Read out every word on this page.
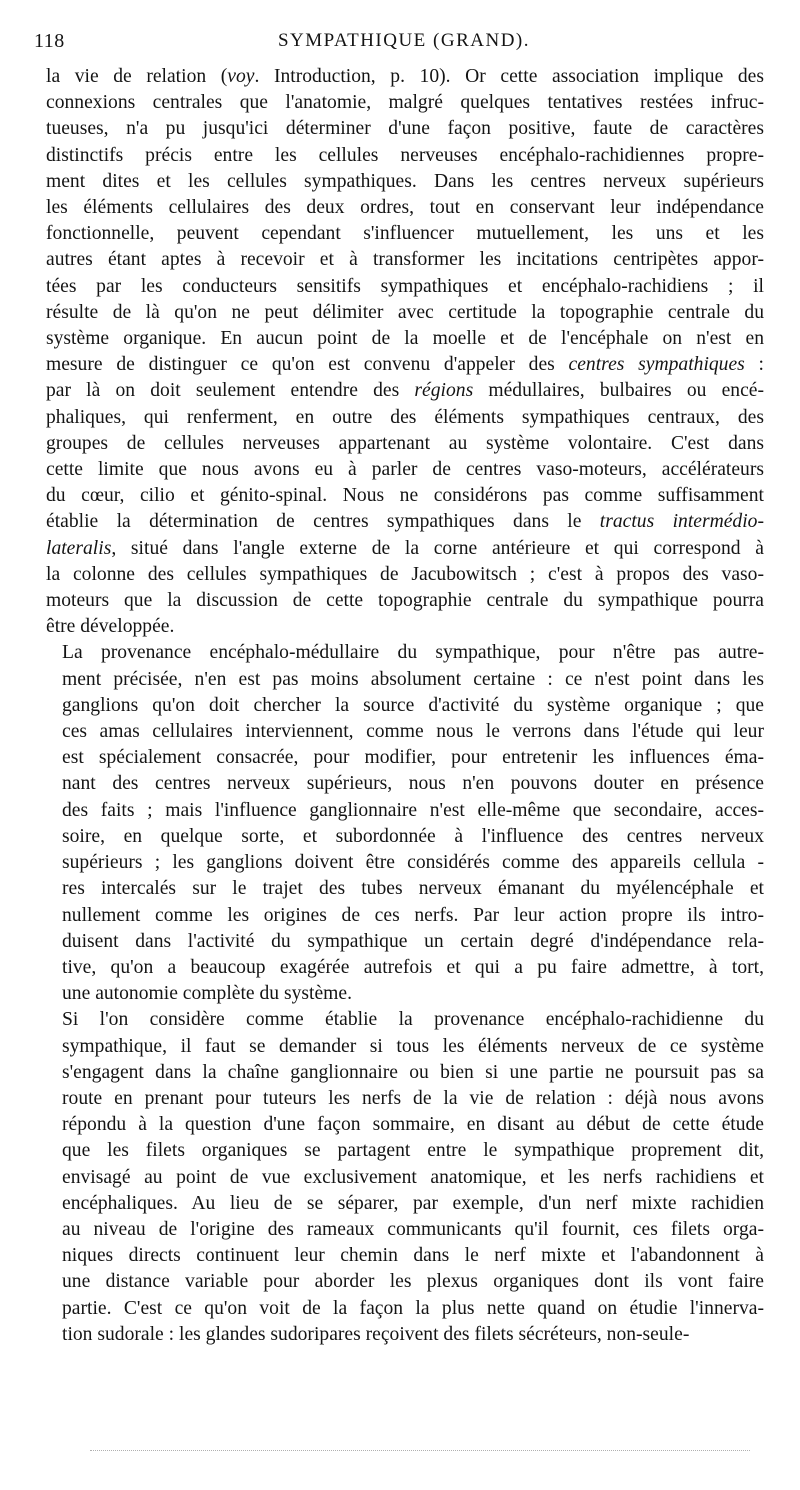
118	SYMPATHIQUE (GRAND).

la vie de relation (voy. Introduction, p. 10). Or cette association implique des
connexions centrales que l'anatomie, malgré quelques tentatives restées infruc-
tueuses, n'a pu jusqu'ici déterminer d'une façon positive, faute de caractères
distinctifs précis entre les cellules nerveuses encéphalo-rachidiennes propre-
ment dites et les cellules sympathiques. Dans les centres nerveux supérieurs
les éléments cellulaires des deux ordres, tout en conservant leur indépendance
fonctionnelle, peuvent cependant s'influencer mutuellement, les uns et les
autres étant aptes à recevoir et à transformer les incitations centripètes appor-
tées par les conducteurs sensitifs sympathiques et encéphalo-rachidiens ; il
résulte de là qu'on ne peut délimiter avec certitude la topographie centrale du
système organique. En aucun point de la moelle et de l'encéphale on n'est en
mesure de distinguer ce qu'on est convenu d'appeler des centres sympathiques :
par là on doit seulement entendre des régions médullaires, bulbaires ou encé-
phaliques, qui renferment, en outre des éléments sympathiques centraux, des
groupes de cellules nerveuses appartenant au système volontaire. C'est dans
cette limite que nous avons eu à parler de centres vaso-moteurs, accélérateurs
du cœur, cilio et génito-spinal. Nous ne considérons pas comme suffisamment
établie la détermination de centres sympathiques dans le tractus intermédio-
lateralis, situé dans l'angle externe de la corne antérieure et qui correspond à
la colonne des cellules sympathiques de Jacubowitsch ; c'est à propos des vaso-
moteurs que la discussion de cette topographie centrale du sympathique pourra
être développée.

La provenance encéphalo-médullaire du sympathique, pour n'être pas autre-
ment précisée, n'en est pas moins absolument certaine : ce n'est point dans les
ganglions qu'on doit chercher la source d'activité du système organique ; que
ces amas cellulaires interviennent, comme nous le verrons dans l'étude qui leur
est spécialement consacrée, pour modifier, pour entretenir les influences éma-
nant des centres nerveux supérieurs, nous n'en pouvons douter en présence
des faits ; mais l'influence ganglionnaire n'est elle-même que secondaire, acces-
soire, en quelque sorte, et subordonnée à l'influence des centres nerveux
supérieurs ; les ganglions doivent être considérés comme des appareils cellula -
res intercalés sur le trajet des tubes nerveux émanant du myélencéphale et
nullement comme les origines de ces nerfs. Par leur action propre ils intro-
duisent dans l'activité du sympathique un certain degré d'indépendance rela-
tive, qu'on a beaucoup exagérée autrefois et qui a pu faire admettre, à tort,
une autonomie complète du système.

Si l'on considère comme établie la provenance encéphalo-rachidienne du
sympathique, il faut se demander si tous les éléments nerveux de ce système
s'engagent dans la chaîne ganglionnaire ou bien si une partie ne poursuit pas sa
route en prenant pour tuteurs les nerfs de la vie de relation : déjà nous avons
répondu à la question d'une façon sommaire, en disant au début de cette étude
que les filets organiques se partagent entre le sympathique proprement dit,
envisagé au point de vue exclusivement anatomique, et les nerfs rachidiens et
encéphaliques. Au lieu de se séparer, par exemple, d'un nerf mixte rachidien
au niveau de l'origine des rameaux communicants qu'il fournit, ces filets orga-
niques directs continuent leur chemin dans le nerf mixte et l'abandonnent à
une distance variable pour aborder les plexus organiques dont ils vont faire
partie. C'est ce qu'on voit de la façon la plus nette quand on étudie l'innerva-
tion sudorale : les glandes sudoripares reçoivent des filets sécréteurs, non-seule-
